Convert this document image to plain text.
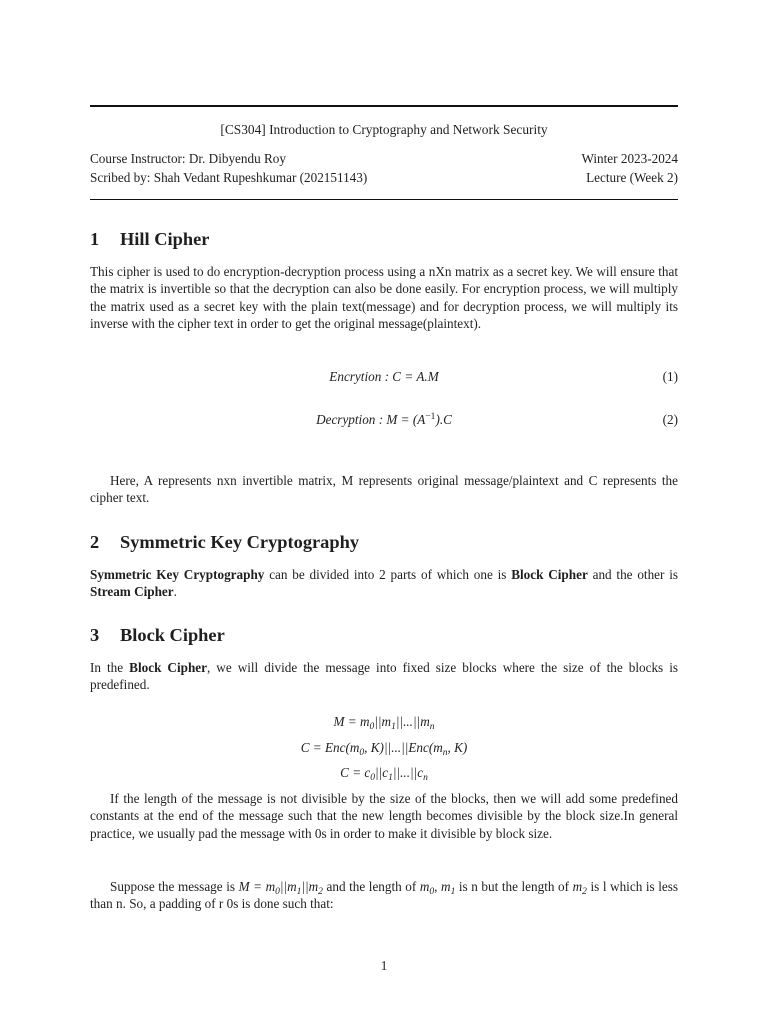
[CS304] Introduction to Cryptography and Network Security
Course Instructor: Dr. Dibyendu Roy	Winter 2023-2024
Scribed by: Shah Vedant Rupeshkumar (202151143)	Lecture (Week 2)
1 Hill Cipher

This cipher is used to do encryption-decryption process using a nXn matrix as a secret key. We will ensure that the matrix is invertible so that the decryption can also be done easily. For encryption process, we will multiply the matrix used as a secret key with the plain text(message) and for decryption process, we will multiply its inverse with the cipher text in order to get the original message(plaintext).

Encrytion : C = A.M	(1)
Decryption : $M = (A^{-1}).C$	(2)

Here, A represents nxn invertible matrix, M represents original message/plaintext and C represents the cipher text.

2 Symmetric Key Cryptography

Symmetric Key Cryptography can be divided into 2 parts of which one is Block Cipher and the other is Stream Cipher.

3 Block Cipher

In the Block Cipher, we will divide the message into fixed size blocks where the size of the blocks is predefined.

$M = m_0||m_1||...||m_n$
$C = Enc(m_0$, $K)||...||Enc(m_n$, K)
$C = c_0||c_1||...||c_n$

If the length of the message is not divisible by the size of the blocks, then we will add some predefined constants at the end of the message such that the new length becomes divisible by the block size.In general practice, we usually pad the message with 0s in order to make it divisible by block size.

Suppose the message is $M = m_0||m_1||m_2$ and the length of $m_0$, $m_1$ is n but the length of $m_2$ is l which is less than n. So, a padding of r 0s is done such that:

1
